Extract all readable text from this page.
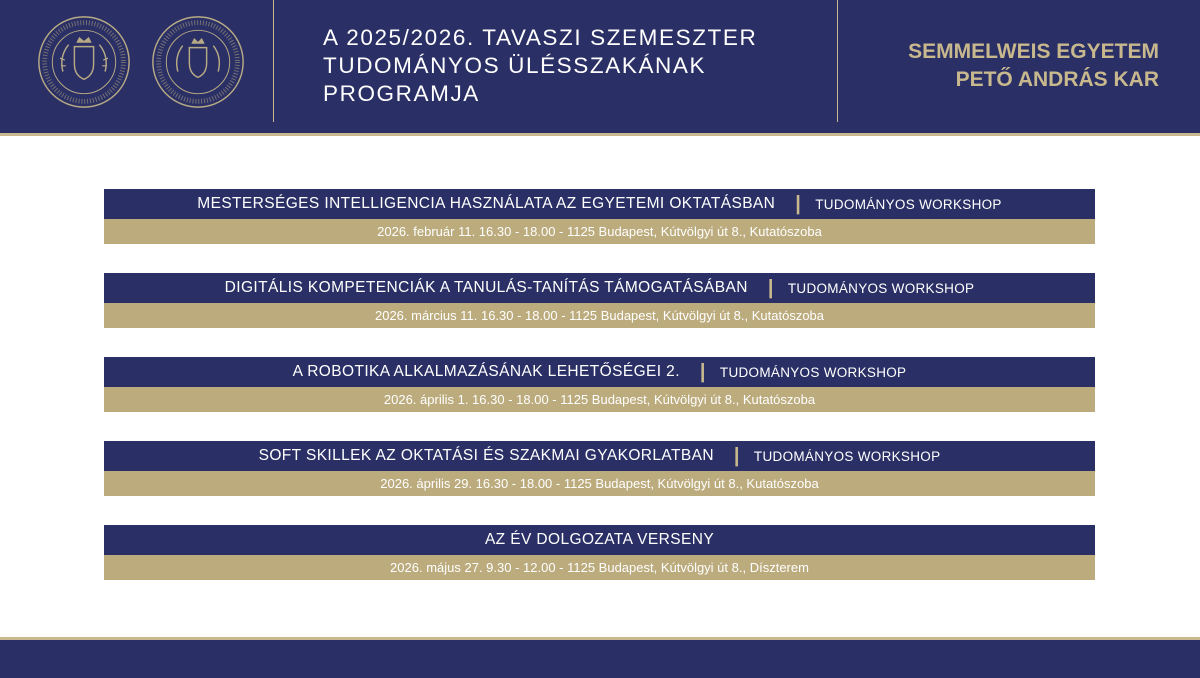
A 2025/2026. TAVASZI SZEMESZTER
TUDOMÁNYOS ÜLÉSSZAKÁNAK
PROGRAMJA
SEMMELWEIS EGYETEM
PETŐ ANDRÁS KAR
MESTERSÉGES INTELLIGENCIA HASZNÁLATA AZ EGYETEMI OKTATÁSBAN | TUDOMÁNYOS WORKSHOP
2026. február 11. 16.30 - 18.00 - 1125 Budapest, Kútvölgyi út 8., Kutatószoba
DIGITÁLIS KOMPETENCIÁK A TANULÁS-TANÍTÁS TÁMOGATÁSÁBAN | TUDOMÁNYOS WORKSHOP
2026. március 11. 16.30 - 18.00 - 1125 Budapest, Kútvölgyi út 8., Kutatószoba
A ROBOTIKA ALKALMAZÁSÁNAK LEHETŐSÉGEI 2. | TUDOMÁNYOS WORKSHOP
2026. április 1. 16.30 - 18.00 - 1125 Budapest, Kútvölgyi út 8., Kutatószoba
SOFT SKILLEK AZ OKTATÁSI ÉS SZAKMAI GYAKORLATBAN | TUDOMÁNYOS WORKSHOP
2026. április 29. 16.30 - 18.00 - 1125 Budapest, Kútvölgyi út 8., Kutatószoba
AZ ÉV DOLGOZATA VERSENY
2026. május 27. 9.30 - 12.00 - 1125 Budapest, Kútvölgyi út 8., Díszterem
